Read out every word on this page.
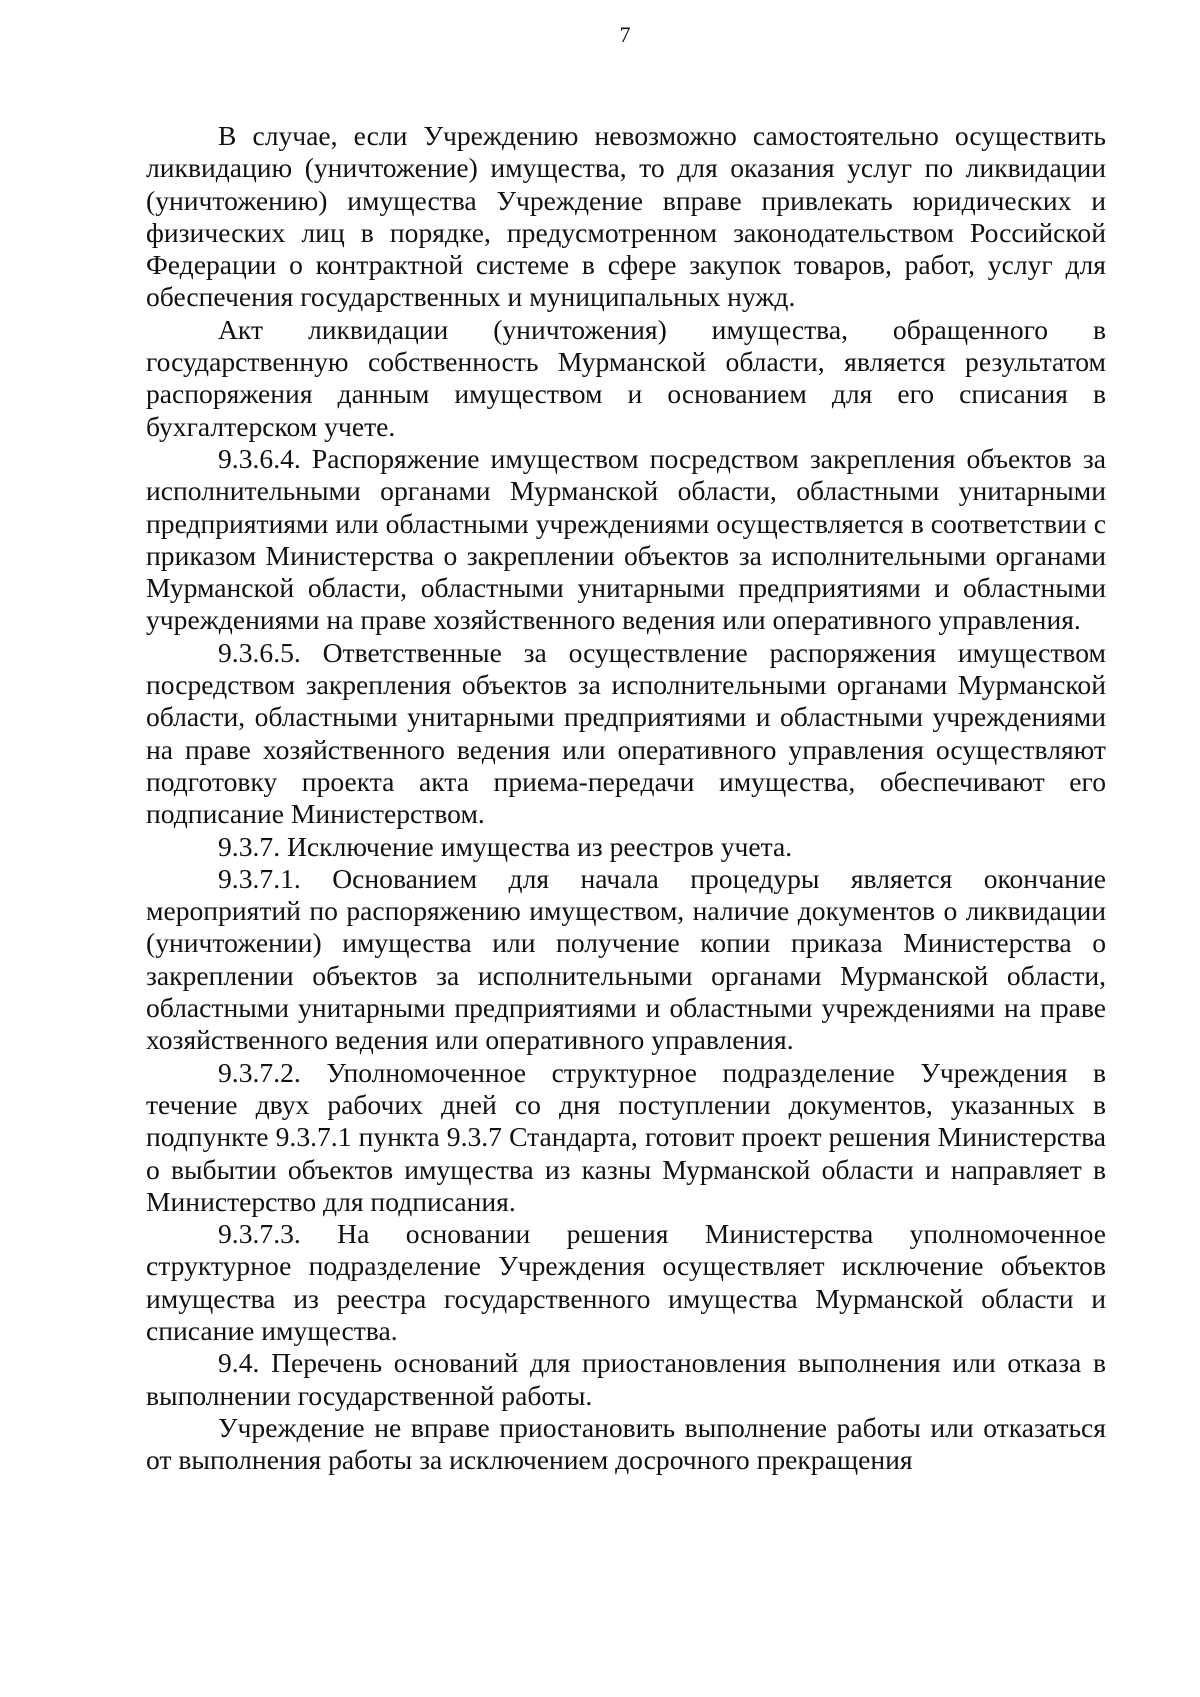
7

В случае, если Учреждению невозможно самостоятельно осуществить ликвидацию (уничтожение) имущества, то для оказания услуг по ликвидации (уничтожению) имущества Учреждение вправе привлекать юридических и физических лиц в порядке, предусмотренном законодательством Российской Федерации о контрактной системе в сфере закупок товаров, работ, услуг для обеспечения государственных и муниципальных нужд.

Акт ликвидации (уничтожения) имущества, обращенного в государственную собственность Мурманской области, является результатом распоряжения данным имуществом и основанием для его списания в бухгалтерском учете.

9.3.6.4. Распоряжение имуществом посредством закрепления объектов за исполнительными органами Мурманской области, областными унитарными предприятиями или областными учреждениями осуществляется в соответствии с приказом Министерства о закреплении объектов за исполнительными органами Мурманской области, областными унитарными предприятиями и областными учреждениями на праве хозяйственного ведения или оперативного управления.

9.3.6.5. Ответственные за осуществление распоряжения имуществом посредством закрепления объектов за исполнительными органами Мурманской области, областными унитарными предприятиями и областными учреждениями на праве хозяйственного ведения или оперативного управления осуществляют подготовку проекта акта приема-передачи имущества, обеспечивают его подписание Министерством.

9.3.7. Исключение имущества из реестров учета.

9.3.7.1. Основанием для начала процедуры является окончание мероприятий по распоряжению имуществом, наличие документов о ликвидации (уничтожении) имущества или получение копии приказа Министерства о закреплении объектов за исполнительными органами Мурманской области, областными унитарными предприятиями и областными учреждениями на праве хозяйственного ведения или оперативного управления.

9.3.7.2. Уполномоченное структурное подразделение Учреждения в течение двух рабочих дней со дня поступлении документов, указанных в подпункте 9.3.7.1 пункта 9.3.7 Стандарта, готовит проект решения Министерства о выбытии объектов имущества из казны Мурманской области и направляет в Министерство для подписания.

9.3.7.3. На основании решения Министерства уполномоченное структурное подразделение Учреждения осуществляет исключение объектов имущества из реестра государственного имущества Мурманской области и списание имущества.

9.4. Перечень оснований для приостановления выполнения или отказа в выполнении государственной работы.

Учреждение не вправе приостановить выполнение работы или отказаться от выполнения работы за исключением досрочного прекращения
